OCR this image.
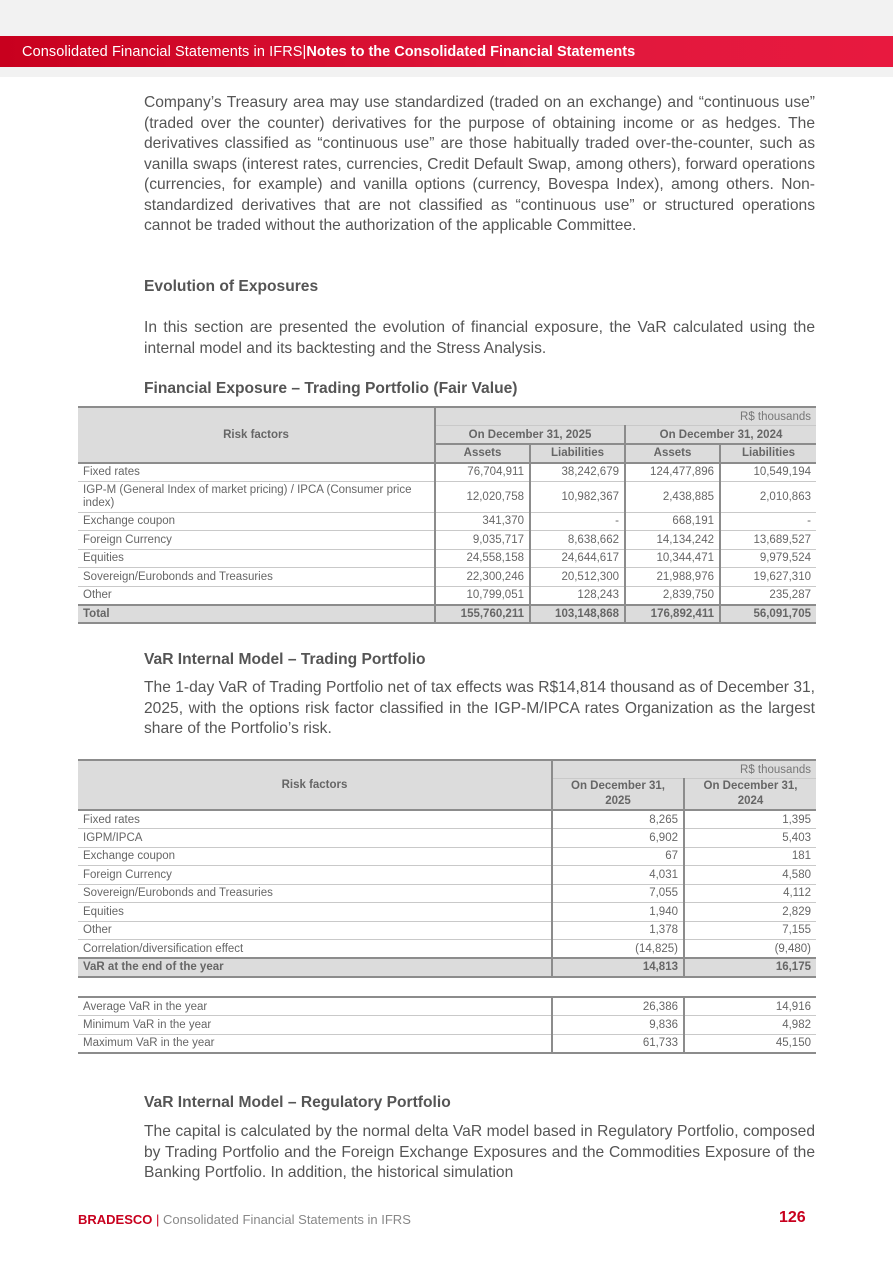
Consolidated Financial Statements in IFRS | Notes to the Consolidated Financial Statements

Company’s Treasury area may use standardized (traded on an exchange) and “continuous use” (traded over the counter) derivatives for the purpose of obtaining income or as hedges. The derivatives classified as “continuous use” are those habitually traded over-the-counter, such as vanilla swaps (interest rates, currencies, Credit Default Swap, among others), forward operations (currencies, for example) and vanilla options (currency, Bovespa Index), among others. Non-standardized derivatives that are not classified as “continuous use” or structured operations cannot be traded without the authorization of the applicable Committee.

Evolution of Exposures

In this section are presented the evolution of financial exposure, the VaR calculated using the internal model and its backtesting and the Stress Analysis.

Financial Exposure – Trading Portfolio (Fair Value)
Risk factors	R$ thousands			
	On December 31, 2025		On December 31, 2024	
	Assets	Liabilities	Assets	Liabilities
Fixed rates	76,704,911	38,242,679	124,477,896	10,549,194
IGP-M (General Index of market pricing) / IPCA (Consumer price index)	12,020,758	10,982,367	2,438,885	2,010,863
Exchange coupon	341,370	-	668,191	-
Foreign Currency	9,035,717	8,638,662	14,134,242	13,689,527
Equities	24,558,158	24,644,617	10,344,471	9,979,524
Sovereign/Eurobonds and Treasuries	22,300,246	20,512,300	21,988,976	19,627,310
Other	10,799,051	128,243	2,839,750	235,287
Total	155,760,211	103,148,868	176,892,411	56,091,705
VaR Internal Model – Trading Portfolio

The 1-day VaR of Trading Portfolio net of tax effects was R$14,814 thousand as of December 31, 2025, with the options risk factor classified in the IGP-M/IPCA rates Organization as the largest share of the Portfolio’s risk.

Risk factors	R$ thousands	
	On December 31, 2025	On December 31, 2024
Fixed rates	8,265	1,395
IGPM/IPCA	6,902	5,403
Exchange coupon	67	181
Foreign Currency	4,031	4,580
Sovereign/Eurobonds and Treasuries	7,055	4,112
Equities	1,940	2,829
Other	1,378	7,155
Correlation/diversification effect	(14,825)	(9,480)
VaR at the end of the year	14,813	16,175
Average VaR in the year	26,386	14,916
Minimum VaR in the year	9,836	4,982
Maximum VaR in the year	61,733	45,150
VaR Internal Model – Regulatory Portfolio

The capital is calculated by the normal delta VaR model based in Regulatory Portfolio, composed by Trading Portfolio and the Foreign Exchange Exposures and the Commodities Exposure of the Banking Portfolio. In addition, the historical simulation

BRADESCO | Consolidated Financial Statements in IFRS	126
